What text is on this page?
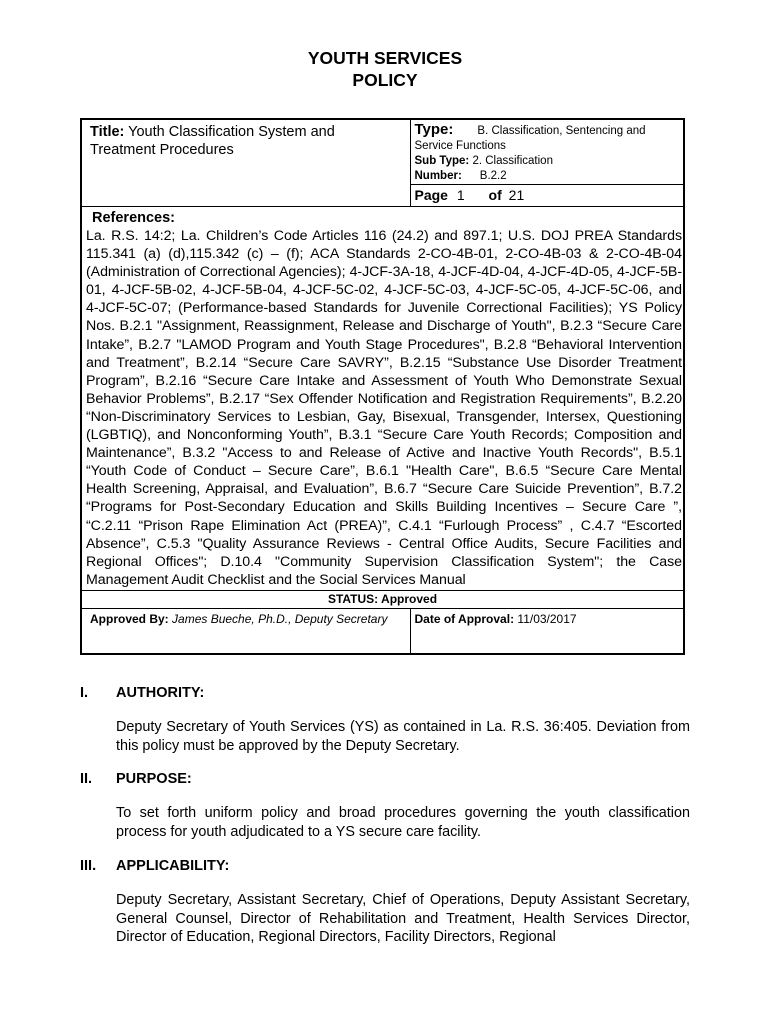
YOUTH SERVICES
POLICY
Title: Youth Classification System and Treatment Procedures	Type: B. Classification, Sentencing and
Service Functions
Sub Type: 2. Classification
Number: B.2.2

	Page 1 of 21

References:
La. R.S. 14:2; La. Children’s Code Articles 116 (24.2) and 897.1; U.S. DOJ PREA Standards 115.341 (a) (d),115.342 (c) – (f); ACA Standards 2-CO-4B-01, 2-CO-4B-03 & 2-CO-4B-04 (Administration of Correctional Agencies); 4-JCF-3A-18, 4-JCF-4D-04, 4-JCF-4D-05, 4-JCF-5B-01, 4-JCF-5B-02, 4-JCF-5B-04, 4-JCF-5C-02, 4-JCF-5C-03, 4-JCF-5C-05, 4-JCF-5C-06, and 4-JCF-5C-07; (Performance-based Standards for Juvenile Correctional Facilities); YS Policy Nos. B.2.1 "Assignment, Reassignment, Release and Discharge of Youth", B.2.3 “Secure Care Intake”, B.2.7 "LAMOD Program and Youth Stage Procedures", B.2.8 “Behavioral Intervention and Treatment”, B.2.14 “Secure Care SAVRY”, B.2.15 “Substance Use Disorder Treatment Program”, B.2.16 “Secure Care Intake and Assessment of Youth Who Demonstrate Sexual Behavior Problems”, B.2.17 “Sex Offender Notification and Registration Requirements”, B.2.20 “Non-Discriminatory Services to Lesbian, Gay, Bisexual, Transgender, Intersex, Questioning (LGBTIQ), and Nonconforming Youth”, B.3.1 “Secure Care Youth Records; Composition and Maintenance”, B.3.2 "Access to and Release of Active and Inactive Youth Records", B.5.1 “Youth Code of Conduct – Secure Care”, B.6.1 "Health Care", B.6.5 “Secure Care Mental Health Screening, Appraisal, and Evaluation”, B.6.7 “Secure Care Suicide Prevention”, B.7.2 “Programs for Post-Secondary Education and Skills Building Incentives – Secure Care ”, “C.2.11 “Prison Rape Elimination Act (PREA)”, C.4.1 “Furlough Process” , C.4.7 “Escorted Absence”, C.5.3 "Quality Assurance Reviews - Central Office Audits, Secure Facilities and Regional Offices"; D.10.4 "Community Supervision Classification System"; the Case Management Audit Checklist and the Social Services Manual	

STATUS: Approved	
Approved By: James Bueche, Ph.D., Deputy Secretary	Date of Approval: 11/03/2017
I. AUTHORITY:
Deputy Secretary of Youth Services (YS) as contained in La. R.S. 36:405. Deviation from this policy must be approved by the Deputy Secretary.
II. PURPOSE:
To set forth uniform policy and broad procedures governing the youth classification process for youth adjudicated to a YS secure care facility.
III. APPLICABILITY:
Deputy Secretary, Assistant Secretary, Chief of Operations, Deputy Assistant Secretary, General Counsel, Director of Rehabilitation and Treatment, Health Services Director, Director of Education, Regional Directors, Facility Directors, Regional
